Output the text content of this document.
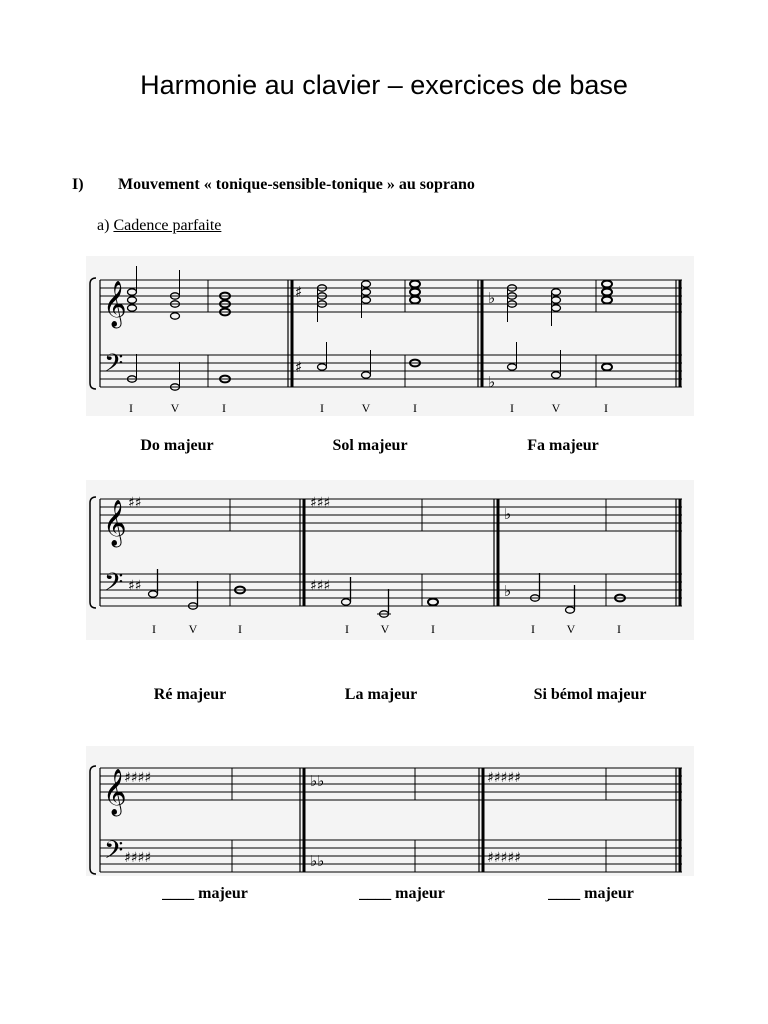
Harmonie au clavier – exercices de base
I) Mouvement « tonique-sensible-tonique » au soprano
a) Cadence parfaite
𝄞
𝄢
♯
♯
♭
♭
𝄞
𝄢
♯♯
♯♯
♯♯♯
♯♯♯
♭
♭
𝄞
𝄢
♯♯♯♯
♯♯♯♯
♭♭
♭♭
♯♯♯♯♯
♯♯♯♯♯
I	V	I	I	V	I	I	V	I
Do majeur	Sol majeur	Fa majeur
I	V	I	I	V	I	I	V	I
Ré majeur	La majeur	Si bémol majeur
____ majeur	____ majeur	____ majeur
